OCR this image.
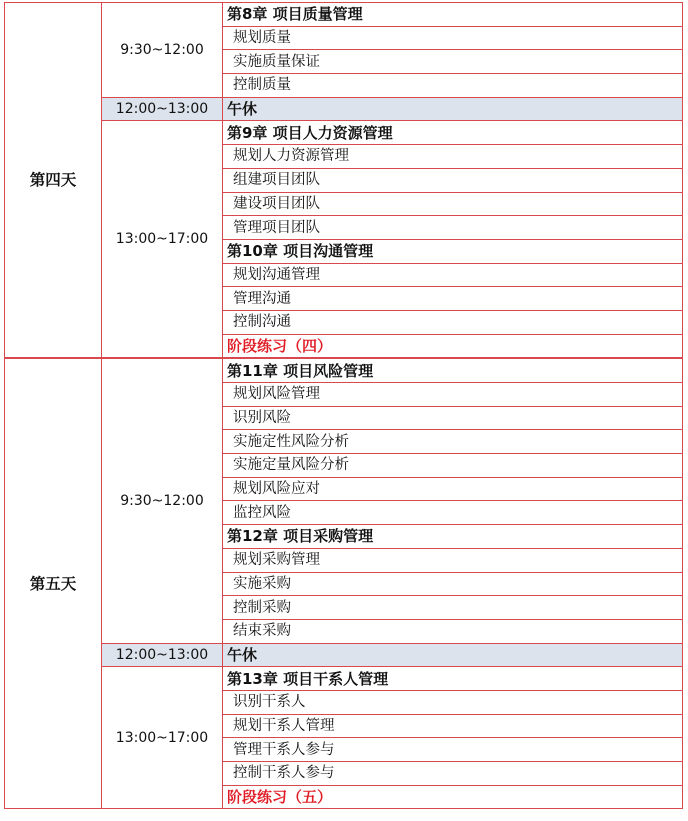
第四天	9:30~12:00	第8章 项目质量管理
		规划质量
		实施质量保证
		控制质量
	12:00~13:00	午休
	13:00~17:00	第9章 项目人力资源管理
		规划人力资源管理
		组建项目团队
		建设项目团队
		管理项目团队
		第10章 项目沟通管理
		规划沟通管理
		管理沟通
		控制沟通
		阶段练习（四）
第五天	9:30~12:00	第11章 项目风险管理
		规划风险管理
		识别风险
		实施定性风险分析
		实施定量风险分析
		规划风险应对
		监控风险
		第12章 项目采购管理
		规划采购管理
		实施采购
		控制采购
		结束采购
	12:00~13:00	午休
	13:00~17:00	第13章 项目干系人管理
		识别干系人
		规划干系人管理
		管理干系人参与
		控制干系人参与
		阶段练习（五）
